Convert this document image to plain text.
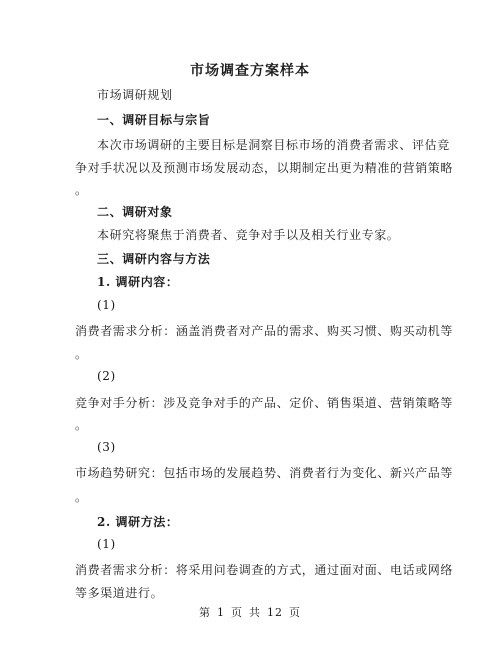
市场调查方案样本
市场调研规划
一、调研目标与宗旨
本次市场调研的主要目标是洞察目标市场的消费者需求、评估竞
争对手状况以及预测市场发展动态，以期制定出更为精准的营销策略
。
二、调研对象
本研究将聚焦于消费者、竞争对手以及相关行业专家。
三、调研内容与方法
1. 调研内容：
(1)
消费者需求分析：涵盖消费者对产品的需求、购买习惯、购买动机等
。
(2)
竞争对手分析：涉及竞争对手的产品、定价、销售渠道、营销策略等
。
(3)
市场趋势研究：包括市场的发展趋势、消费者行为变化、新兴产品等
。
2. 调研方法：
(1)
消费者需求分析：将采用问卷调查的方式，通过面对面、电话或网络
等多渠道进行。
第 1 页 共 12 页
